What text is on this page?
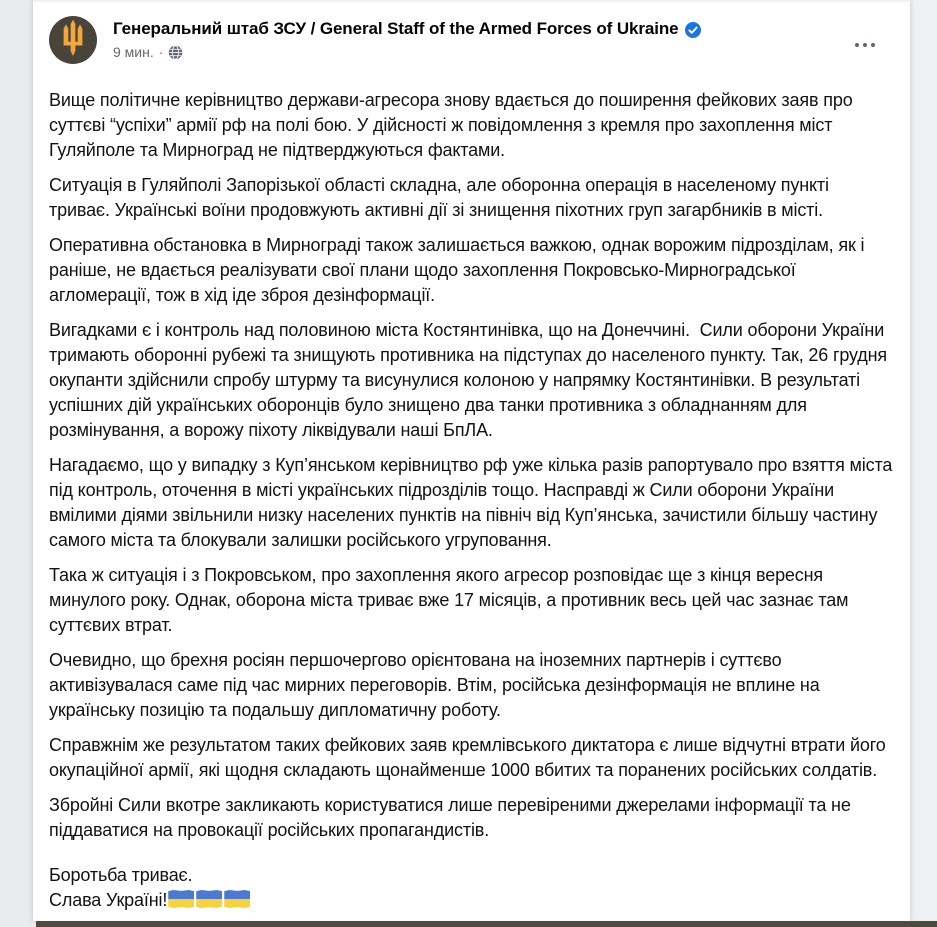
Генеральний штаб ЗСУ / General Staff of the Armed Forces of Ukraine
9 мин. ·

Вище політичне керівництво держави-агресора знову вдається до поширення фейкових заяв про суттєві “успіхи” армії рф на полі бою. У дійсності ж повідомлення з кремля про захоплення міст Гуляйполе та Мирноград не підтверджуються фактами.

Ситуація в Гуляйполі Запорізької області складна, але оборонна операція в населеному пункті триває. Українські воїни продовжують активні дії зі знищення піхотних груп загарбників в місті.

Оперативна обстановка в Мирнограді також залишається важкою, однак ворожим підрозділам, як і раніше, не вдається реалізувати свої плани щодо захоплення Покровсько-Мирноградської агломерації, тож в хід іде зброя дезінформації.

Вигадками є і контроль над половиною міста Костянтинівка, що на Донеччині.  Сили оборони України тримають оборонні рубежі та знищують противника на підступах до населеного пункту. Так, 26 грудня окупанти здійснили спробу штурму та висунулися колоною у напрямку Костянтинівки. В результаті успішних дій українських оборонців було знищено два танки противника з обладнанням для розмінування, а ворожу піхоту ліквідували наші БпЛА.

Нагадаємо, що у випадку з Куп’янськом керівництво рф уже кілька разів рапортувало про взяття міста під контроль, оточення в місті українських підрозділів тощо. Насправді ж Сили оборони України вмілими діями звільнили низку населених пунктів на північ від Куп’янська, зачистили більшу частину самого міста та блокували залишки російського угруповання.

Така ж ситуація і з Покровськом, про захоплення якого агресор розповідає ще з кінця вересня минулого року. Однак, оборона міста триває вже 17 місяців, а противник весь цей час зазнає там суттєвих втрат.

Очевидно, що брехня росіян першочергово орієнтована на іноземних партнерів і суттєво активізувалася саме під час мирних переговорів. Втім, російська дезінформація не вплине на українську позицію та подальшу дипломатичну роботу.

Справжнім же результатом таких фейкових заяв кремлівського диктатора є лише відчутні втрати його окупаційної армії, які щодня складають щонайменше 1000 вбитих та поранених російських солдатів.

Збройні Сили вкотре закликають користуватися лише перевіреними джерелами інформації та не піддаватися на провокації російських пропагандистів.

Боротьба триває.

Слава Україні!
